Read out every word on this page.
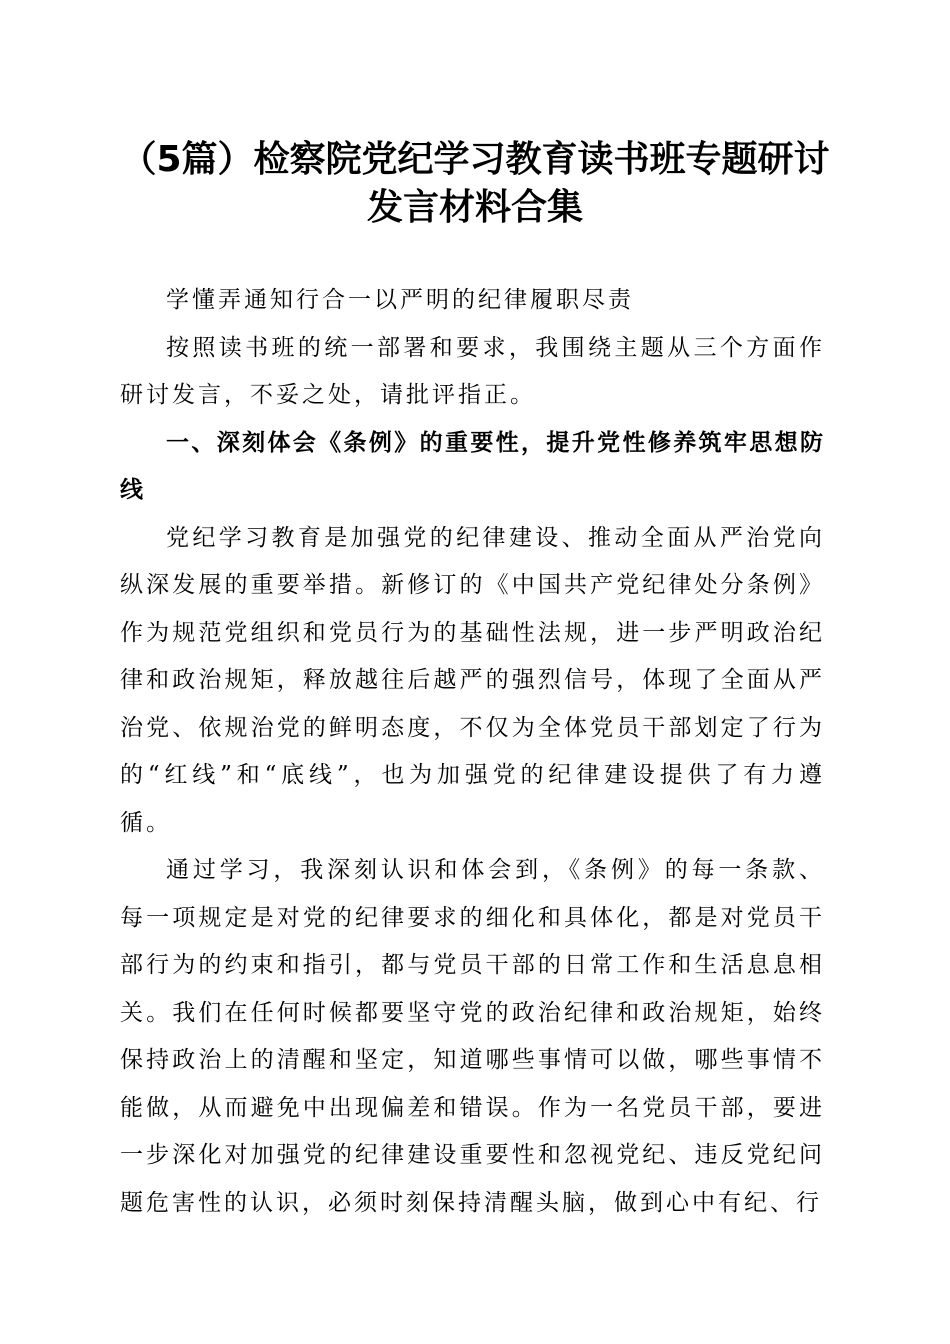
（5篇）检察院党纪学习教育读书班专题研讨
发言材料合集

学懂弄通知行合一以严明的纪律履职尽责

按照读书班的统一部署和要求，我围绕主题从三个方面作研讨发言，不妥之处，请批评指正。

一、深刻体会《条例》的重要性，提升党性修养筑牢思想防线

党纪学习教育是加强党的纪律建设、推动全面从严治党向纵深发展的重要举措。新修订的《中国共产党纪律处分条例》作为规范党组织和党员行为的基础性法规，进一步严明政治纪律和政治规矩，释放越往后越严的强烈信号，体现了全面从严治党、依规治党的鲜明态度，不仅为全体党员干部划定了行为的“红线”和“底线”，也为加强党的纪律建设提供了有力遵循。

通过学习，我深刻认识和体会到，《条例》的每一条款、每一项规定是对党的纪律要求的细化和具体化，都是对党员干部行为的约束和指引，都与党员干部的日常工作和生活息息相关。我们在任何时候都要坚守党的政治纪律和政治规矩，始终保持政治上的清醒和坚定，知道哪些事情可以做，哪些事情不能做，从而避免中出现偏差和错误。作为一名党员干部，要进一步深化对加强党的纪律建设重要性和忽视党纪、违反党纪问题危害性的认识，必须时刻保持清醒头脑，做到心中有纪、行
